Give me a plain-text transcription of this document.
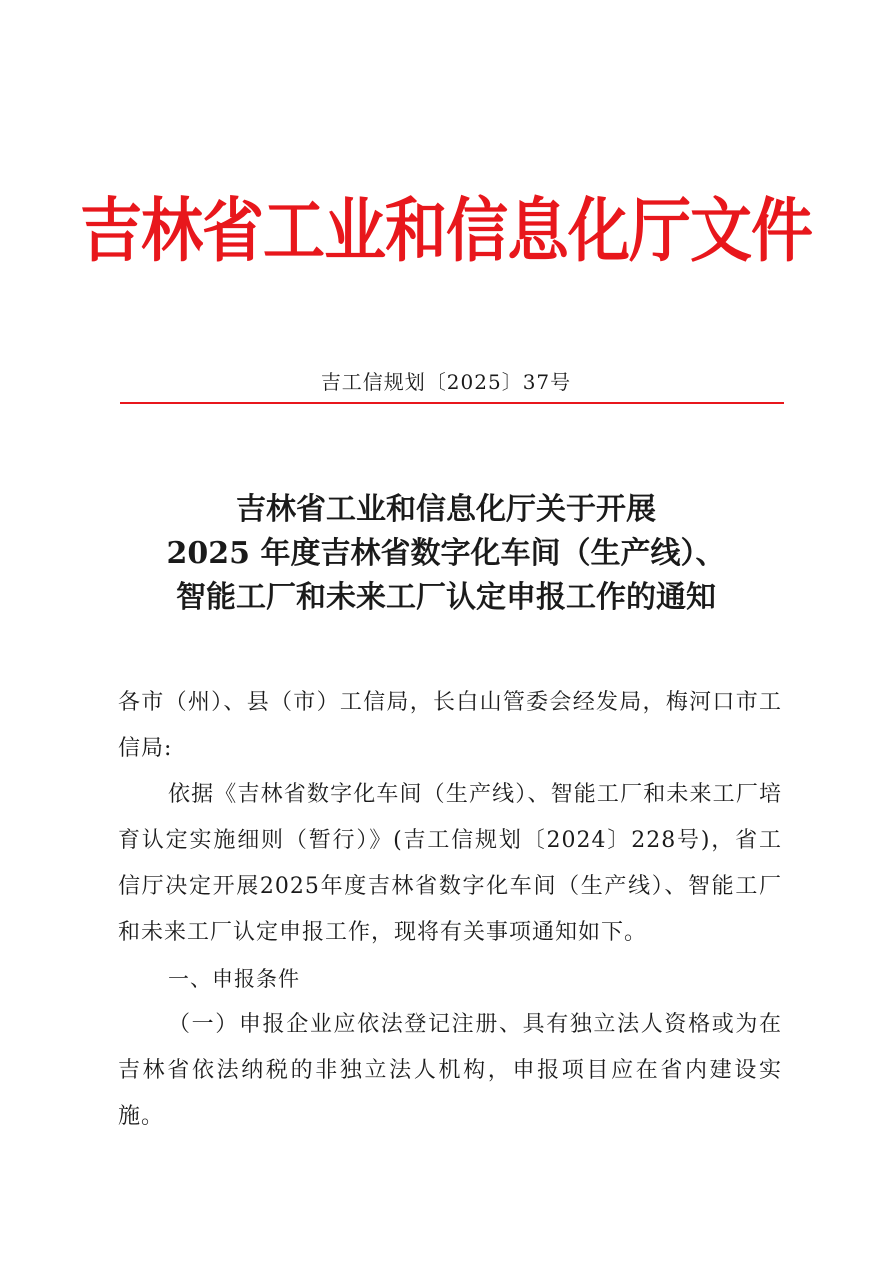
吉林省工业和信息化厅文件
吉工信规划〔2025〕37号
吉林省工业和信息化厅关于开展
2025 年度吉林省数字化车间（生产线）、
智能工厂和未来工厂认定申报工作的通知

各市（州）、县（市）工信局，长白山管委会经发局，梅河口市工信局:

依据《吉林省数字化车间（生产线）、智能工厂和未来工厂培育认定实施细则（暂行）》(吉工信规划〔2024〕228号)，省工信厅决定开展2025年度吉林省数字化车间（生产线）、智能工厂和未来工厂认定申报工作，现将有关事项通知如下。

一、申报条件

（一）申报企业应依法登记注册、具有独立法人资格或为在吉林省依法纳税的非独立法人机构，申报项目应在省内建设实施。
